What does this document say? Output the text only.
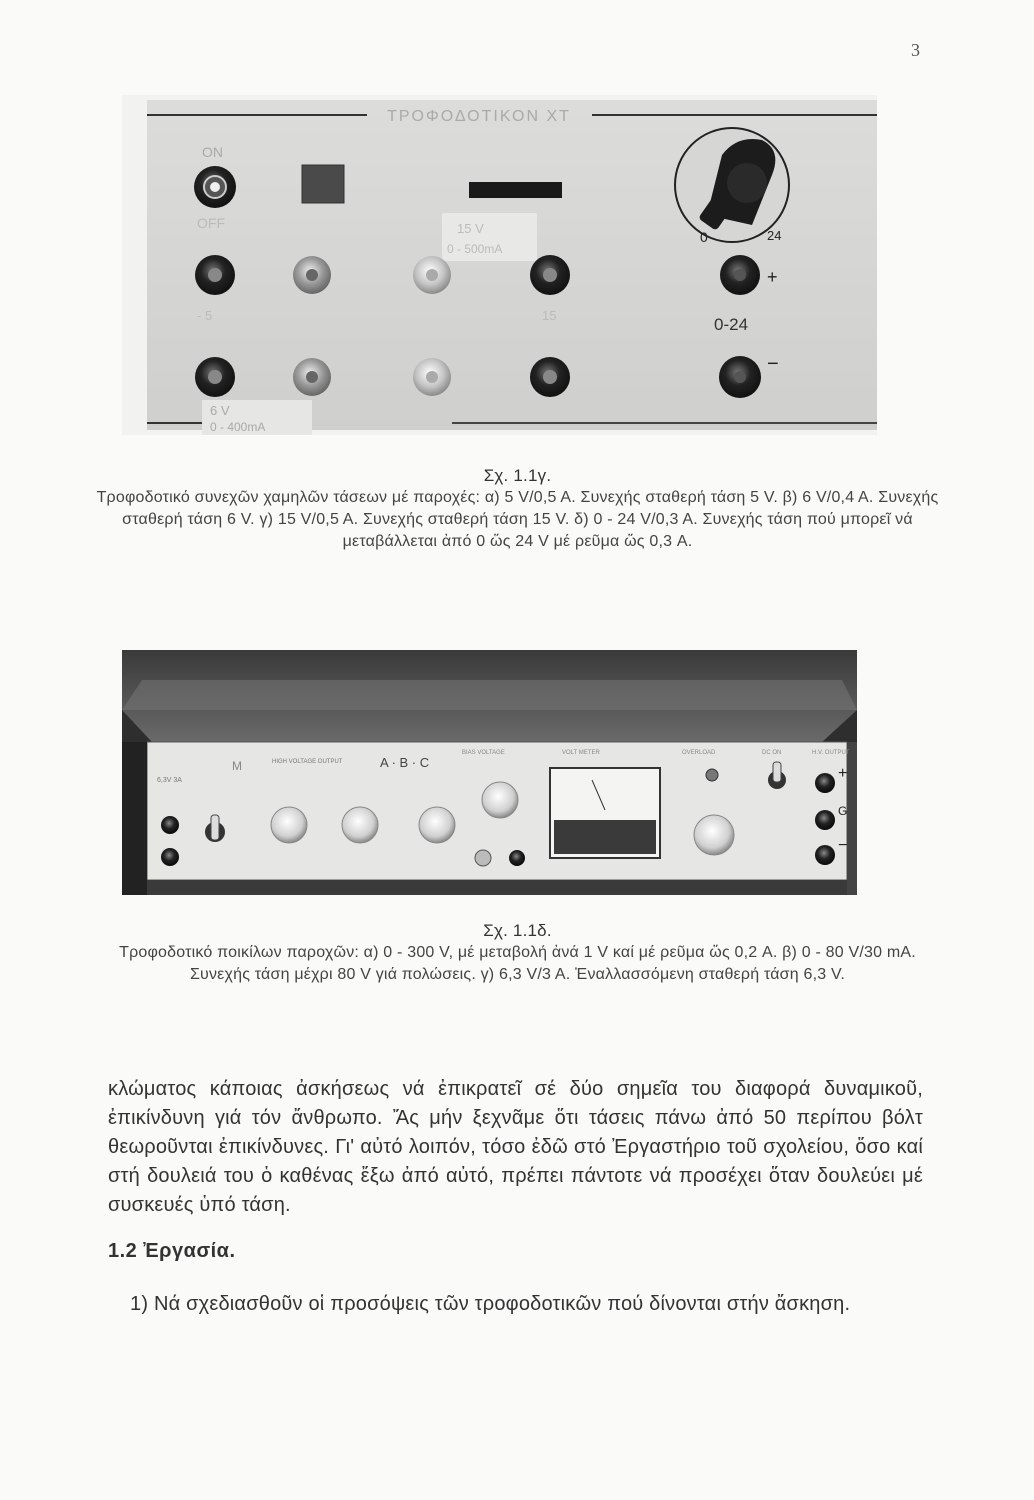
3
ΤΡΟΦΟΔΟΤΙΚΟΝ ΧΤ
ON
OFF	15 V
0 - 500mA
0	24
+
- 5	15	0-24
−
6 V
0 - 400mA
Σχ. 1.1γ.
Τροφοδοτικό συνεχῶν χαμηλῶν τάσεων μέ παροχές: α) 5 V/0,5 A. Συνεχής σταθερή τάση 5 V. β) 6 V/0,4 A. Συνεχής σταθερή τάση 6 V. γ) 15 V/0,5 A. Συνεχής σταθερή τάση 15 V. δ) 0 - 24 V/0,3 A. Συνεχής τάση πού μπορεῖ νά μεταβάλλεται ἀπό 0 ὥς 24 V μέ ρεῦμα ὥς 0,3 A.
6,3V 3A
M	HIGH VOLTAGE OUTPUT	A · B · C
BIAS VOLTAGE	VOLT METER	OVERLOAD	DC ON	H.V. OUTPUT
+
G
−
Σχ. 1.1δ.
Τροφοδοτικό ποικίλων παροχῶν: α) 0 - 300 V, μέ μεταβολή ἀνά 1 V καί μέ ρεῦμα ὥς 0,2 A. β) 0 - 80 V/30 mA. Συνεχής τάση μέχρι 80 V γιά πολώσεις. γ) 6,3 V/3 A. Ἐναλλασσόμενη σταθερή τάση 6,3 V.

κλώματος κάποιας ἀσκήσεως νά ἐπικρατεῖ σέ δύο σημεῖα του διαφορά δυναμικοῦ, ἐπικίνδυνη γιά τόν ἄνθρωπο. Ἄς μήν ξεχνᾶμε ὅτι τάσεις πάνω ἀπό 50 περίπου βόλτ θεωροῦνται ἐπικίνδυνες. Γι' αὐτό λοιπόν, τόσο ἐδῶ στό Ἐργαστήριο τοῦ σχολείου, ὅσο καί στή δουλειά του ὁ καθένας ἔξω ἀπό αὐτό, πρέπει πάντοτε νά προσέχει ὅταν δουλεύει μέ συσκευές ὑπό τάση.

1.2 Ἐργασία.

1) Νά σχεδιασθοῦν οἱ προσόψεις τῶν τροφοδοτικῶν πού δίνονται στήν ἄσκηση.
